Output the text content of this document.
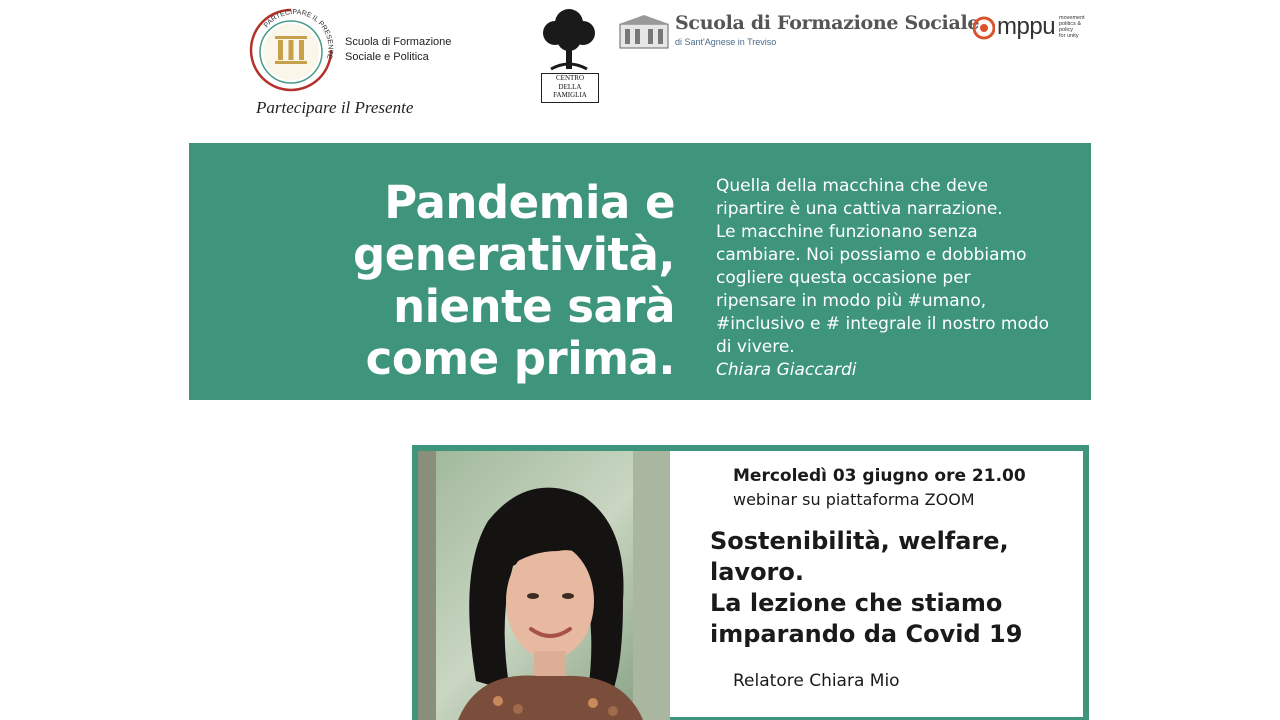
PARTECIPARE IL PRESENTE
Scuola di Formazione
Sociale e Politica
Partecipare il Presente
CENTRO
DELLA
FAMIGLIA
Scuola di Formazione Sociale
di Sant'Agnese in Treviso
mppu movement
politics & policy
for unity
Pandemia e
generatività,
niente sarà
come prima.
Quella della macchina che deve
ripartire è una cattiva narrazione.
Le macchine funzionano senza
cambiare. Noi possiamo e dobbiamo
cogliere questa occasione per
ripensare in modo più #umano,
#inclusivo e # integrale il nostro modo
di vivere.
Chiara Giaccardi
Mercoledì 03 giugno ore 21.00
webinar su piattaforma ZOOM
Sostenibilità, welfare,
lavoro.
La lezione che stiamo
imparando da Covid 19
Relatore Chiara Mio
